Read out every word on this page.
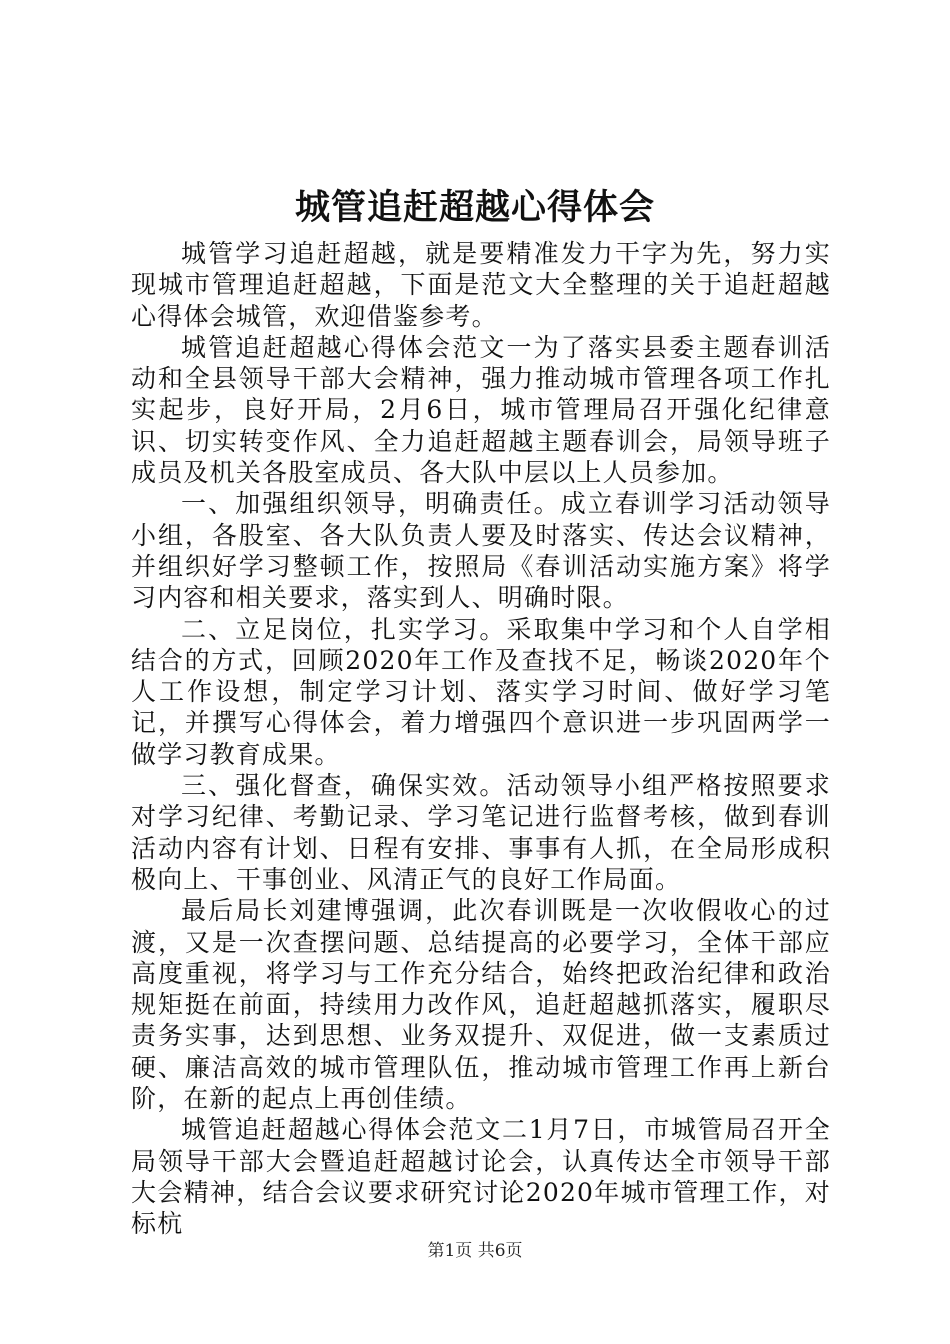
城管追赶超越心得体会

城管学习追赶超越，就是要精准发力干字为先，努力实现城市管理追赶超越，下面是范文大全整理的关于追赶超越心得体会城管，欢迎借鉴参考。

城管追赶超越心得体会范文一为了落实县委主题春训活动和全县领导干部大会精神，强力推动城市管理各项工作扎实起步，良好开局，2月6日，城市管理局召开强化纪律意识、切实转变作风、全力追赶超越主题春训会，局领导班子成员及机关各股室成员、各大队中层以上人员参加。

一、加强组织领导，明确责任。成立春训学习活动领导小组，各股室、各大队负责人要及时落实、传达会议精神，并组织好学习整顿工作，按照局《春训活动实施方案》将学习内容和相关要求，落实到人、明确时限。

二、立足岗位，扎实学习。采取集中学习和个人自学相结合的方式，回顾2020年工作及查找不足，畅谈2020年个人工作设想，制定学习计划、落实学习时间、做好学习笔记，并撰写心得体会，着力增强四个意识进一步巩固两学一做学习教育成果。

三、强化督查，确保实效。活动领导小组严格按照要求对学习纪律、考勤记录、学习笔记进行监督考核，做到春训活动内容有计划、日程有安排、事事有人抓，在全局形成积极向上、干事创业、风清正气的良好工作局面。

最后局长刘建博强调，此次春训既是一次收假收心的过渡，又是一次查摆问题、总结提高的必要学习，全体干部应高度重视，将学习与工作充分结合，始终把政治纪律和政治规矩挺在前面，持续用力改作风，追赶超越抓落实，履职尽责务实事，达到思想、业务双提升、双促进，做一支素质过硬、廉洁高效的城市管理队伍，推动城市管理工作再上新台阶，在新的起点上再创佳绩。

城管追赶超越心得体会范文二1月7日，市城管局召开全局领导干部大会暨追赶超越讨论会，认真传达全市领导干部大会精神，结合会议要求研究讨论2020年城市管理工作，对标杭

第1页 共6页
